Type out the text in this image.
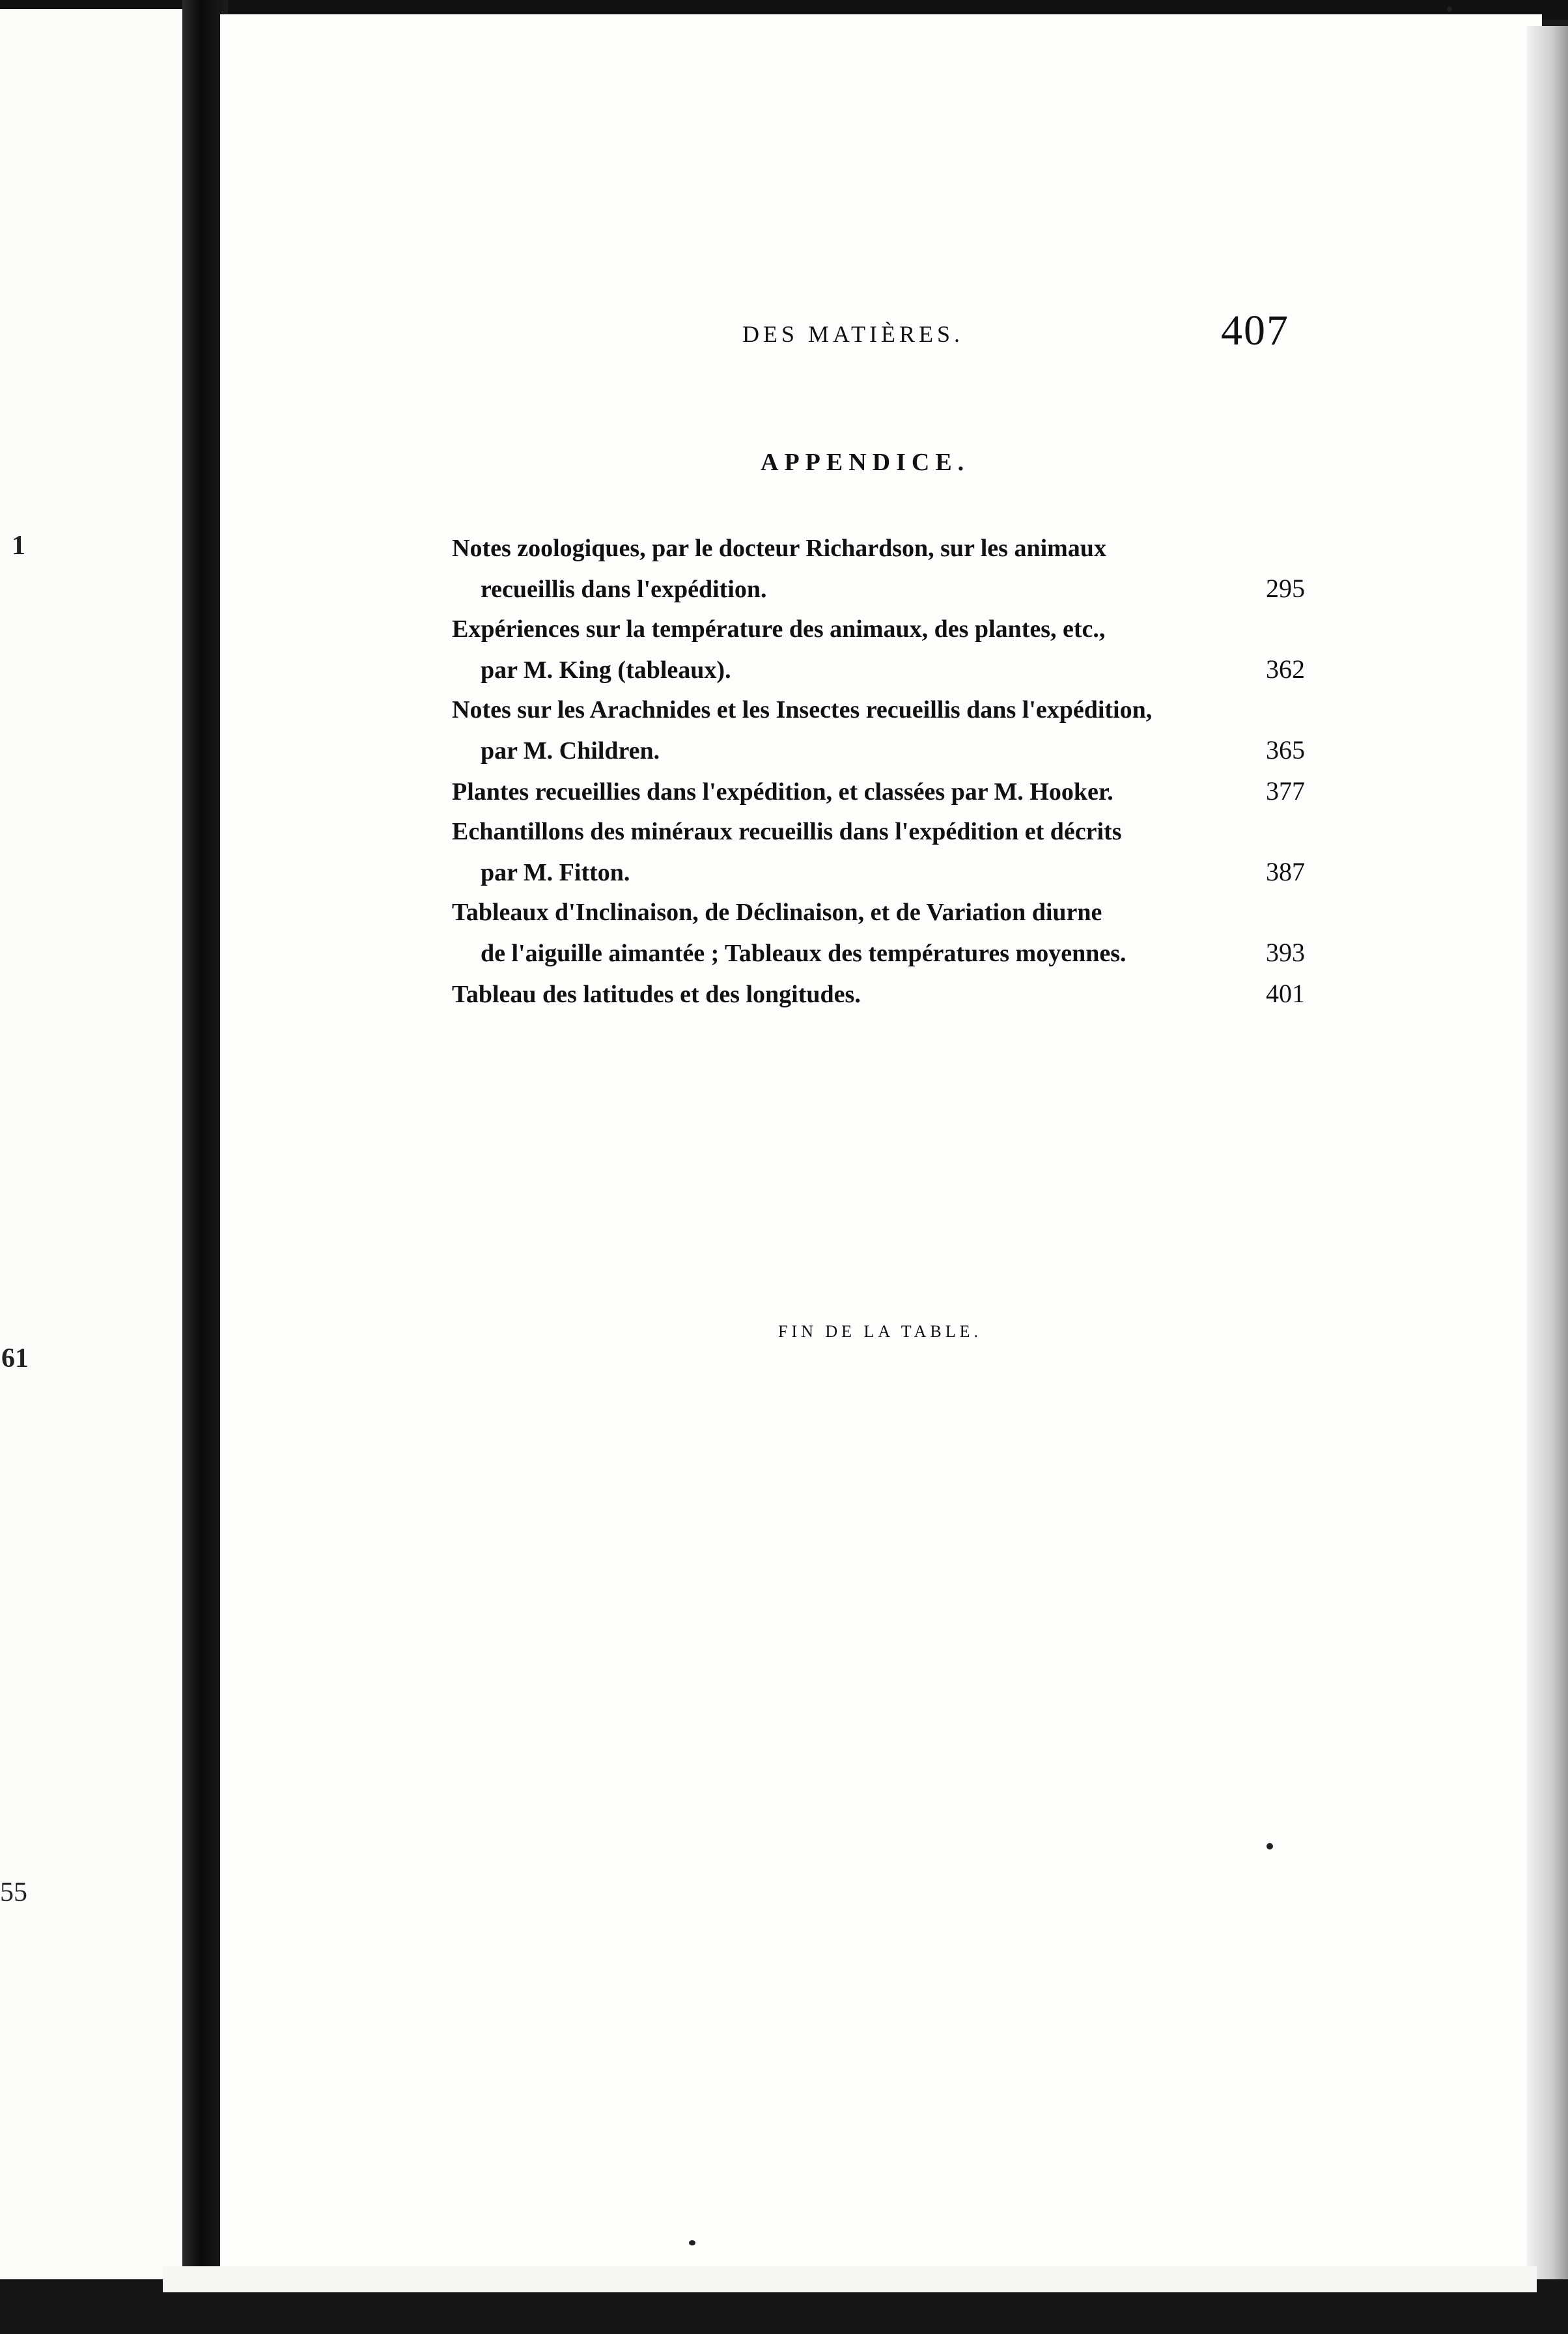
1
61
55
DES MATIÈRES.	407
APPENDICE.
Notes zoologiques, par le docteur Richardson, sur les animaux
recueillis dans l'expédition.	295
Expériences sur la température des animaux, des plantes, etc.,
par M. King (tableaux).	362
Notes sur les Arachnides et les Insectes recueillis dans l'expédition,
par M. Children.	365
Plantes recueillies dans l'expédition, et classées par M. Hooker.	377
Echantillons des minéraux recueillis dans l'expédition et décrits
par M. Fitton.	387
Tableaux d'Inclinaison, de Déclinaison, et de Variation diurne
de l'aiguille aimantée ; Tableaux des températures moyennes.	393
Tableau des latitudes et des longitudes.	401
FIN DE LA TABLE.
